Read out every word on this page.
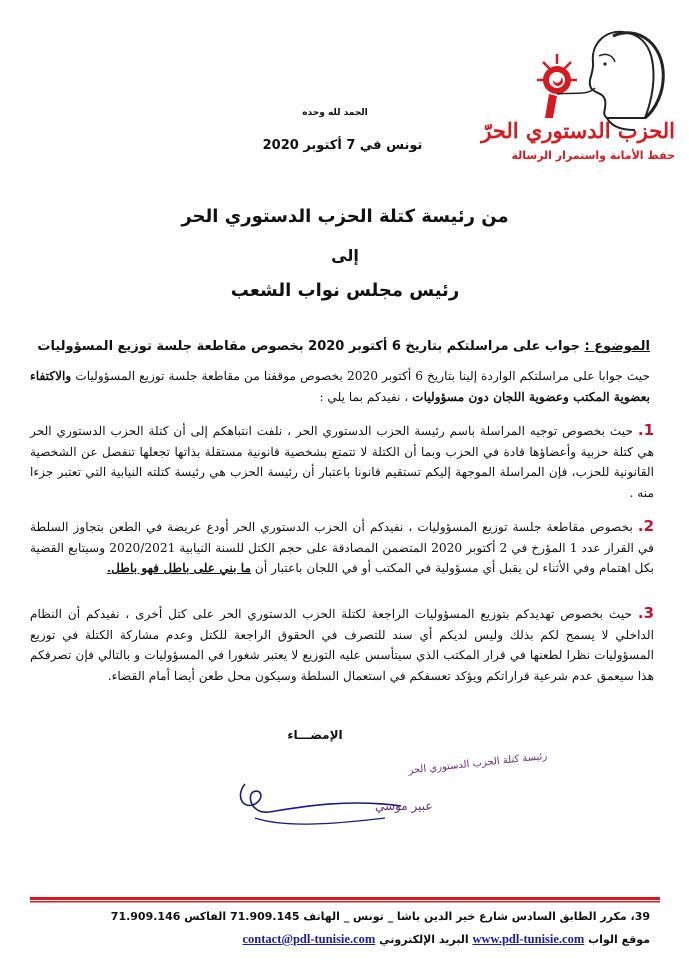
الحمد لله وحده
تونس في 7 أكتوبر 2020
الحزب الدستوري الحرّ
حفظ الأمانة واستمرار الرسالة
من رئيسة كتلة الحزب الدستوري الحر
إلى
رئيس مجلس نواب الشعب
الموضوع : جواب على مراسلتكم بتاريخ 6 أكتوبر 2020 بخصوص مقاطعة جلسة توزيع المسؤوليات
حيث جوابا على مراسلتكم الواردة إلينا بتاريخ 6 أكتوبر 2020 بخصوص موقفنا من مقاطعة جلسة توزيع المسؤوليات والاكتفاء بعضوية المكتب وعضوية اللجان دون مسؤوليات ، نفيدكم بما يلي :
1. حيث بخصوص توجيه المراسلة باسم رئيسة الحزب الدستوري الحر ، نلفت انتباهكم إلى أن كتلة الحزب الدستوري الحر هي كتلة حزبية وأعضاؤها قادة في الحزب وبما أن الكتلة لا تتمتع بشخصية قانونية مستقلة بذاتها تجعلها تنفصل عن الشخصية القانونية للحزب، فإن المراسلة الموجهة إليكم تستقيم قانونا باعتبار أن رئيسة الحزب هي رئيسة كتلته النيابية التي تعتبر جزءا منه .
2. بخصوص مقاطعة جلسة توزيع المسؤوليات ، نفيدكم أن الحزب الدستوري الحر أودع عريضة في الطعن بتجاوز السلطة في القرار عدد 1 المؤرخ في 2 أكتوبر 2020 المتضمن المصادقة على حجم الكتل للسنة النيابية 2020/2021 وسيتابع القضية بكل اهتمام وفي الأثناء لن يقبل أي مسؤولية في المكتب أو في اللجان باعتبار أن ما بني على باطل فهو باطل.
3. حيث بخصوص تهديدكم بتوزيع المسؤوليات الراجعة لكتلة الحزب الدستوري الحر على كتل أخرى ، نفيدكم أن النظام الداخلي لا يسمح لكم بذلك وليس لديكم أي سند للتصرف في الحقوق الراجعة للكتل وعدم مشاركة الكتلة في توزيع المسؤوليات نظرا لطعنها في قرار المكتب الذي سيتأسس عليه التوزيع لا يعتبر شغورا في المسؤوليات و بالتالي فإن تصرفكم هذا سيعمق عدم شرعية قراراتكم ويؤكد تعسفكم في استعمال السلطة وسيكون محل طعن أيضا أمام القضاء.
الإمضـــاء
رئيسة كتلة الحزب الدستوري الحر
عبير موسي
39، مكرر الطابق السادس شارع خير الدين باشا _ تونس _ الهاتف 71.909.145 الفاكس 71.909.146
موقع الواب www.pdl-tunisie.com البريد الإلكتروني contact@pdl-tunisie.com
